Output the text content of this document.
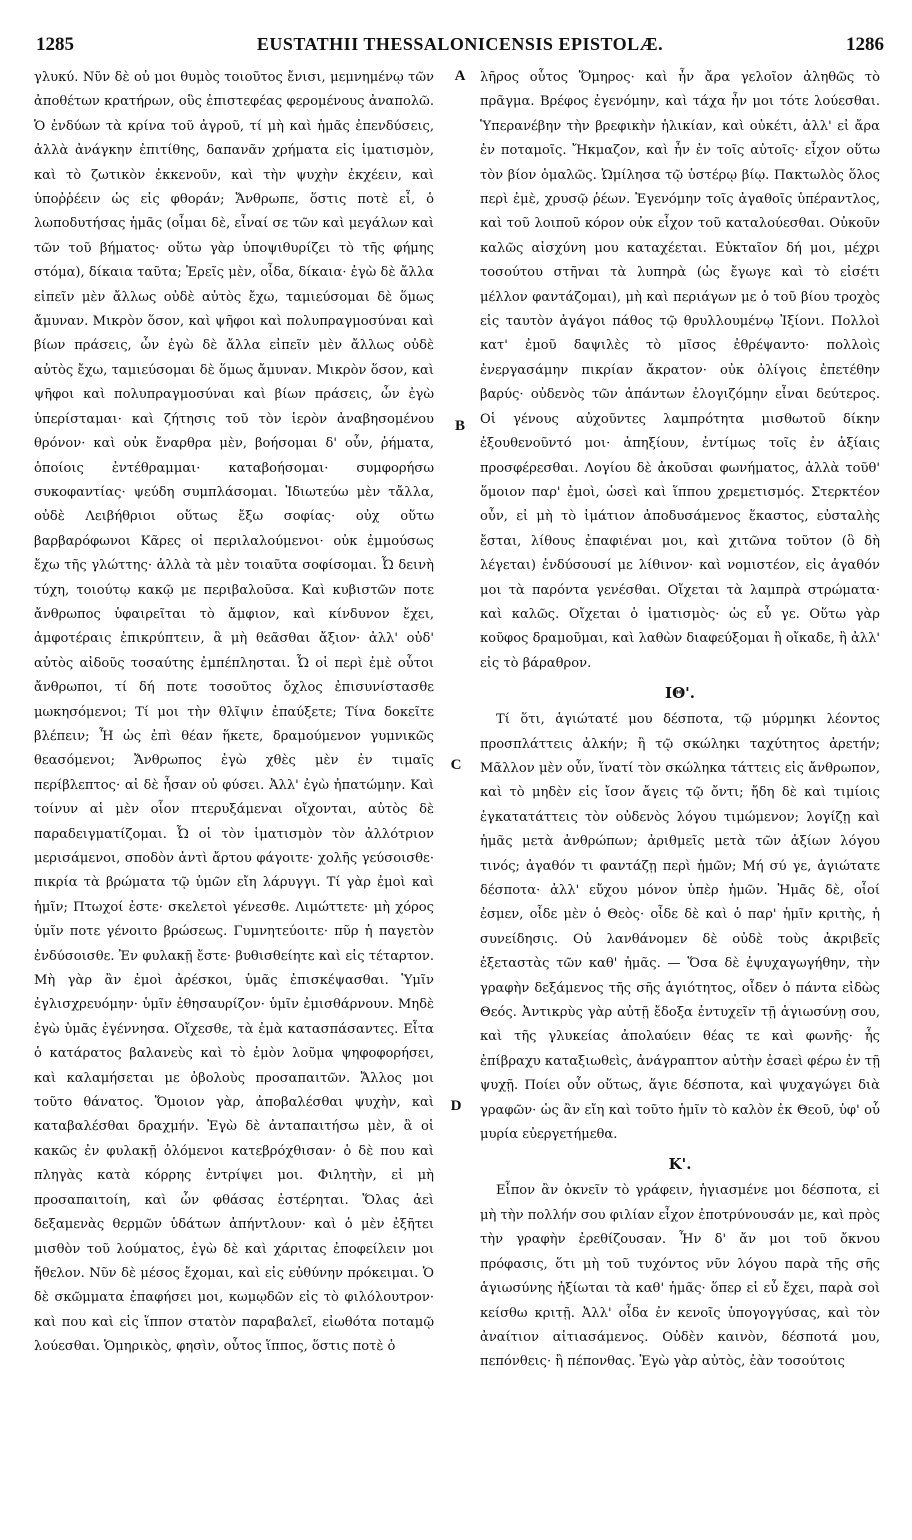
1285	EUSTATHII THESSALONICENSIS EPISTOLÆ.	1286

γλυκύ. Νῦν δὲ οὐ μοι θυμὸς τοιοῦτος ἔνισι, μεμνημένῳ τῶν ἀποθέτων κρατήρων, οὓς ἐπιστεφέας φερομένους ἀναπολῶ. Ὁ ἐνδύων τὰ κρίνα τοῦ ἀγροῦ, τί μὴ καὶ ἡμᾶς ἐπενδύσεις, ἀλλὰ ἀνάγκην ἐπιτίθης, δαπανᾶν χρήματα εἰς ἱματισμὸν, καὶ τὸ ζωτικὸν ἐκκενοῦν, καὶ τὴν ψυχὴν ἐκχέειν, καὶ ὑποῤῥέειν ὡς εἰς φθοράν; Ἄνθρωπε, ὅστις ποτὲ εἶ, ὁ λωποδυτήσας ἡμᾶς (οἶμαι δὲ, εἶναί σε τῶν καὶ μεγάλων καὶ τῶν τοῦ βήματος· οὕτω γὰρ ὑποψιθυρίζει τὸ τῆς φήμης στόμα), δίκαια ταῦτα; Ἐρεῖς μὲν, οἶδα, δίκαια· ἐγὼ δὲ ἄλλα εἰπεῖν μὲν ἄλλως οὐδὲ αὐτὸς ἔχω, ταμιεύσομαι δὲ ὅμως ἄμυναν. Μικρὸν ὅσον, καὶ ψῆφοι καὶ πολυπραγμοσύναι καὶ βίων πράσεις, ὧν ἐγὼ δὲ ἄλλα εἰπεῖν μὲν ἄλλως οὐδὲ αὐτὸς ἔχω, ταμιεύσομαι δὲ ὅμως ἄμυναν. Μικρὸν ὅσον, καὶ ψῆφοι καὶ πολυπραγμοσύναι καὶ βίων πράσεις, ὧν ἐγὼ ὑπερίσταμαι· καὶ ζήτησις τοῦ τὸν ἱερὸν ἀναβησομένου θρόνον· καὶ οὐκ ἔναρθρα μὲν, βοήσομαι δ' οὖν, ῥήματα, ὁποίοις ἐντέθραμμαι· καταβοήσομαι· συμφορήσω συκοφαντίας· ψεύδη συμπλάσομαι. Ἰδιωτεύω μὲν τἄλλα, οὐδὲ Λειβήθριοι οὕτως ἔξω σοφίας· οὐχ οὕτω βαρβαρόφωνοι Κᾶρες οἱ περιλαλούμενοι· οὐκ ἐμμούσως ἔχω τῆς γλώττης· ἀλλὰ τὰ μὲν τοιαῦτα σοφίσομαι. Ὦ δεινὴ τύχη, τοιούτῳ κακῷ με περιβαλοῦσα. Καὶ κυβιστῶν ποτε ἄνθρωπος ὑφαιρεῖται τὸ ἄμφιον, καὶ κίνδυνον ἔχει, ἀμφοτέραις ἐπικρύπτειν, ἃ μὴ θεᾶσθαι ἄξιον· ἀλλ' οὐδ' αὐτὸς αἰδοῦς τοσαύτης ἐμπέπλησται. Ὦ οἱ περὶ ἐμὲ οὗτοι ἄνθρωποι, τί δή ποτε τοσοῦτος ὄχλος ἐπισυνίστασθε μωκησόμενοι; Τί μοι τὴν θλῖψιν ἐπαύξετε; Τίνα δοκεῖτε βλέπειν; Ἦ ὡς ἐπὶ θέαν ἥκετε, δραμούμενον γυμνικῶς θεασόμενοι; Ἄνθρωπος ἐγὼ χθὲς μὲν ἐν τιμαῖς περίβλεπτος· αἱ δὲ ἦσαν οὐ φύσει. Ἀλλ' ἐγὼ ἠπατώμην. Καὶ τοίνυν αἱ μὲν οἷον πτερυξάμεναι οἴχονται, αὐτὸς δὲ παραδειγματίζομαι. Ὦ οἱ τὸν ἱματισμὸν τὸν ἀλλότριον μερισάμενοι, σποδὸν ἀντὶ ἄρτου φάγοιτε· χολῆς γεύσοισθε· πικρία τὰ βρώματα τῷ ὑμῶν εἴη λάρυγγι. Τί γὰρ ἐμοὶ καὶ ἡμῖν; Πτωχοί ἐστε· σκελετοὶ γένεσθε. Λιμώττετε· μὴ χόρος ὑμῖν ποτε γένοιτο βρώσεως. Γυμνητεύοιτε· πῦρ ἡ παγετὸν ἐνδύσοισθε. Ἐν φυλακῇ ἔστε· βυθισθείητε καὶ εἰς τέταρτον. Μὴ γὰρ ἂν ἐμοὶ ἀρέσκοι, ὑμᾶς ἐπισκέψασθαι. Ὑμῖν ἐγλισχρευόμην· ὑμῖν ἐθησαυρίζον· ὑμῖν ἐμισθάρνουν. Μηδὲ ἐγὼ ὑμᾶς ἐγέννησα. Οἴχεσθε, τὰ ἐμὰ κατασπάσαντες. Εἶτα ὁ κατάρατος βαλανεὺς καὶ τὸ ἐμὸν λοῦμα ψηφοφορήσει, καὶ καλαμήσεται με ὀβολοὺς προσαπαιτῶν. Ἄλλος μοι τοῦτο θάνατος. Ὅμοιον γὰρ, ἀποβαλέσθαι ψυχὴν, καὶ καταβαλέσθαι δραχμήν. Ἐγὼ δὲ ἀνταπαιτήσω μὲν, ἃ οἱ κακῶς ἐν φυλακῇ ὀλόμενοι κατεβρόχθισαν· ὁ δὲ που καὶ πληγὰς κατὰ κόρρης ἐντρίψει μοι. Φιλητὴν, εἰ μὴ προσαπαιτοίη, καὶ ὧν φθάσας ἐστέρηται. Ὅλας ἀεὶ δεξαμενὰς θερμῶν ὑδάτων ἀπήντλουν· καὶ ὁ μὲν ἐξῆτει μισθὸν τοῦ λούματος, ἐγὼ δὲ καὶ χάριτας ἐποφείλειν μοι ἤθελον. Νῦν δὲ μέσος ἔχομαι, καὶ εἰς εὐθύνην πρόκειμαι. Ὁ δὲ σκῶμματα ἐπαφήσει μοι, κωμῳδῶν εἰς τὸ φιλόλουτρον· καὶ που καὶ εἰς ἵππον στατὸν παραβαλεῖ, εἰωθότα ποταμῷ λούεσθαι. Ὁμηρικὸς, φησὶν, οὗτος ἵππος, ὅστις ποτὲ ὁ

A
B
C
D

λῆρος οὗτος Ὅμηρος· καὶ ἦν ἄρα γελοῖον ἀληθῶς τὸ πρᾶγμα. Βρέφος ἐγενόμην, καὶ τάχα ἦν μοι τότε λούεσθαι. Ὑπερανέβην τὴν βρεφικὴν ἡλικίαν, καὶ οὐκέτι, ἀλλ' εἰ ἄρα ἐν ποταμοῖς. Ἤκμαζον, καὶ ἦν ἐν τοῖς αὐτοῖς· εἶχον οὕτω τὸν βίον ὁμαλῶς. Ὡμίλησα τῷ ὑστέρῳ βίῳ. Πακτωλὸς ὅλος περὶ ἐμὲ, χρυσῷ ῥέων. Ἐγενόμην τοῖς ἀγαθοῖς ὑπέραντλος, καὶ τοῦ λοιποῦ κόρον οὐκ εἶχον τοῦ καταλούεσθαι. Οὐκοῦν καλῶς αἰσχύνη μου καταχέεται. Εὐκταῖον δή μοι, μέχρι τοσούτου στῆναι τὰ λυπηρὰ (ὡς ἔγωγε καὶ τὸ εἰσέτι μέλλον φαντάζομαι), μὴ καὶ περιάγων με ὁ τοῦ βίου τροχὸς εἰς ταυτὸν ἀγάγοι πάθος τῷ θρυλλουμένῳ Ἰξίονι. Πολλοὶ κατ' ἐμοῦ δαψιλὲς τὸ μῖσος ἐθρέψαντο· πολλοὶς ἐνεργασάμην πικρίαν ἄκρατον· οὐκ ὀλίγοις ἐπετέθην βαρύς· οὐδενὸς τῶν ἁπάντων ἐλογιζόμην εἶναι δεύτερος. Οἱ γένους αὐχοῦντες λαμπρότητα μισθωτοῦ δίκην ἐξουθενοῦντό μοι· ἀπηξίουν, ἐντίμως τοῖς ἐν ἀξίαις προσφέρεσθαι. Λογίου δὲ ἀκοῦσαι φωνήματος, ἀλλὰ τοῦθ' ὅμοιον παρ' ἐμοὶ, ὡσεὶ καὶ ἵππου χρεμετισμός. Στερκτέον οὖν, εἰ μὴ τὸ ἱμάτιον ἀποδυσάμενος ἕκαστος, εὐσταλὴς ἔσται, λίθους ἐπαφιέναι μοι, καὶ χιτῶνα τοῦτον (ὃ δὴ λέγεται) ἐνδύσουσί με λίθινον· καὶ νομιστέον, εἰς ἀγαθόν μοι τὰ παρόντα γενέσθαι. Οἴχεται τὰ λαμπρὰ στρώματα· καὶ καλῶς. Οἴχεται ὁ ἱματισμὸς· ὡς εὖ γε. Οὕτω γὰρ κοῦφος δραμοῦμαι, καὶ λαθὼν διαφεύξομαι ἢ οἴκαδε, ἢ ἀλλ' εἰς τὸ βάραθρον.

ΙΘ'.

Τί ὅτι, ἁγιώτατέ μου δέσποτα, τῷ μύρμηκι λέοντος προσπλάττεις ἀλκήν; ἢ τῷ σκώληκι ταχύτητος ἀρετήν; Μᾶλλον μὲν οὖν, ἵνατί τὸν σκώληκα τάττεις εἰς ἄνθρωπον, καὶ τὸ μηδὲν εἰς ἴσον ἄγεις τῷ ὄντι; ἤδη δὲ καὶ τιμίοις ἐγκατατάττεις τὸν οὐδενὸς λόγου τιμώμενον; λογίζῃ καὶ ἡμᾶς μετὰ ἀνθρώπων; ἀριθμεῖς μετὰ τῶν ἀξίων λόγου τινός; ἀγαθόν τι φαντάζῃ περὶ ἡμῶν; Μή σύ γε, ἁγιώτατε δέσποτα· ἀλλ' εὔχου μόνον ὑπὲρ ἡμῶν. Ἡμᾶς δὲ, οἷοί ἐσμεν, οἶδε μὲν ὁ Θεὸς· οἶδε δὲ καὶ ὁ παρ' ἡμῖν κριτὴς, ἡ συνείδησις. Οὐ λανθάνομεν δὲ οὐδὲ τοὺς ἀκριβεῖς ἐξεταστὰς τῶν καθ' ἡμᾶς. — Ὅσα δὲ ἐψυχαγωγήθην, τὴν γραφὴν δεξάμενος τῆς σῆς ἁγιότητος, οἶδεν ὁ πάντα εἰδὼς Θεός. Ἀντικρὺς γὰρ αὐτῇ ἔδοξα ἐντυχεῖν τῇ ἁγιωσύνῃ σου, καὶ τῆς γλυκείας ἀπολαύειν θέας τε καὶ φωνῆς· ἧς ἐπίβραχυ καταξιωθεὶς, ἀνάγραπτον αὐτὴν ἐσαεὶ φέρω ἐν τῇ ψυχῇ. Ποίει οὖν οὕτως, ἅγιε δέσποτα, καὶ ψυχαγώγει διὰ γραφῶν· ὡς ἂν εἴη καὶ τοῦτο ἡμῖν τὸ καλὸν ἐκ Θεοῦ, ὑφ' οὗ μυρία εὐεργετήμεθα.

Κ'.

Εἶπον ἂν ὀκνεῖν τὸ γράφειν, ἡγιασμένε μοι δέσποτα, εἰ μὴ τὴν πολλήν σου φιλίαν εἶχον ἐποτρύνουσάν με, καὶ πρὸς τὴν γραφὴν ἐρεθίζουσαν. Ἦν δ' ἄν μοι τοῦ ὄκνου πρόφασις, ὅτι μὴ τοῦ τυχόντος νῦν λόγου παρὰ τῆς σῆς ἁγιωσύνης ἠξίωται τὰ καθ' ἡμᾶς· ὅπερ εἰ εὖ ἔχει, παρὰ σοὶ κείσθω κριτῇ. Ἀλλ' οἶδα ἐν κενοῖς ὑπογογγύσας, καὶ τὸν ἀναίτιον αἰτιασάμενος. Οὐδὲν καινὸν, δέσποτά μου, πεπόνθεις· ἢ πέπονθας. Ἐγὼ γὰρ αὐτὸς, ἐὰν τοσούτοις
